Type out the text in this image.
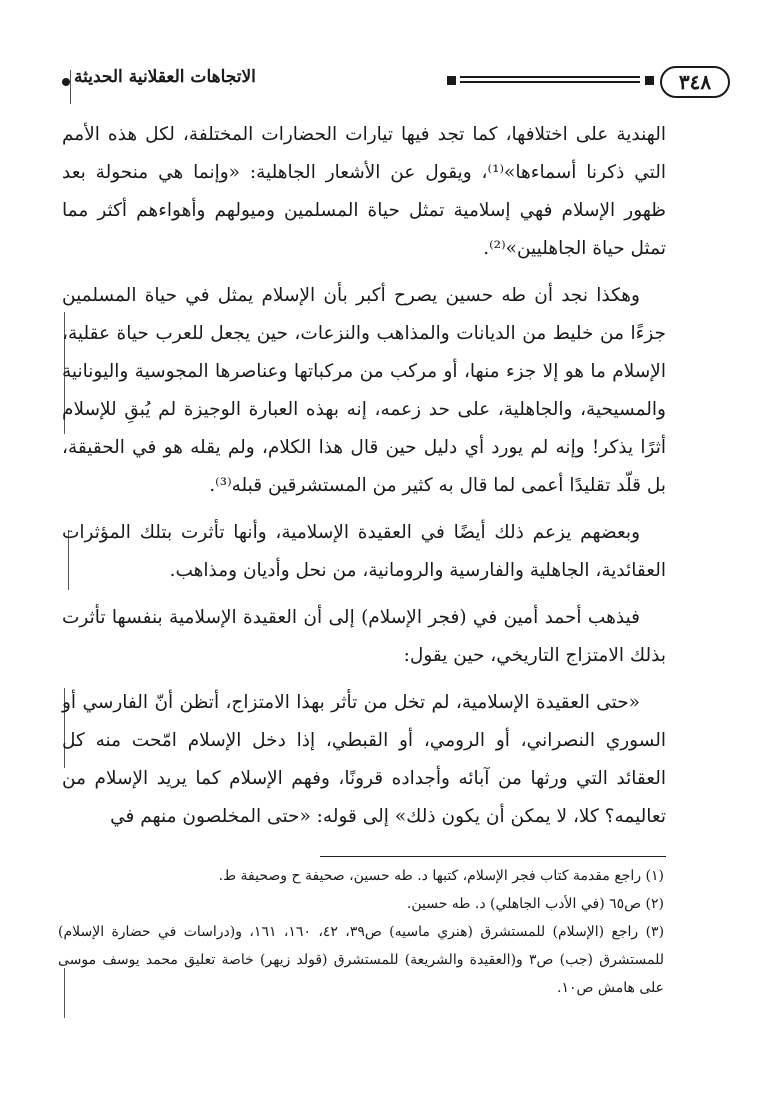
٣٤٨
الاتجاهات العقلانية الحديثة

الهندية على اختلافها، كما تجد فيها تيارات الحضارات المختلفة، لكل هذه الأمم التي ذكرنا أسماءها»⁽¹⁾، ويقول عن الأشعار الجاهلية: «وإنما هي منحولة بعد ظهور الإسلام فهي إسلامية تمثل حياة المسلمين وميولهم وأهواءهم أكثر مما تمثل حياة الجاهليين»⁽²⁾.

وهكذا نجد أن طه حسين يصرح أكبر بأن الإسلام يمثل في حياة المسلمين جزءًا من خليط من الديانات والمذاهب والنزعات، حين يجعل للعرب حياة عقلية، الإسلام ما هو إلا جزء منها، أو مركب من مركباتها وعناصرها المجوسية واليونانية والمسيحية، والجاهلية، على حد زعمه، إنه بهذه العبارة الوجيزة لم يُبقِ للإسلام أثرًا يذكر! وإنه لم يورد أي دليل حين قال هذا الكلام، ولم يقله هو في الحقيقة، بل قلّد تقليدًا أعمى لما قال به كثير من المستشرقين قبله⁽³⁾.

وبعضهم يزعم ذلك أيضًا في العقيدة الإسلامية، وأنها تأثرت بتلك المؤثرات العقائدية، الجاهلية والفارسية والرومانية، من نحل وأديان ومذاهب.

فيذهب أحمد أمين في (فجر الإسلام) إلى أن العقيدة الإسلامية بنفسها تأثرت بذلك الامتزاج التاريخي، حين يقول:

«حتى العقيدة الإسلامية، لم تخل من تأثر بهذا الامتزاج، أتظن أنّ الفارسي أو السوري النصراني، أو الرومي، أو القبطي، إذا دخل الإسلام امّحت منه كل العقائد التي ورثها من آبائه وأجداده قرونًا، وفهم الإسلام كما يريد الإسلام من تعاليمه؟ كلا، لا يمكن أن يكون ذلك» إلى قوله: «حتى المخلصون منهم في

(١) راجع مقدمة كتاب فجر الإسلام، كتبها د. طه حسين، صحيفة ح وصحيفة ط.

(٢) ص٦٥ (في الأدب الجاهلي) د. طه حسين.

(٣) راجع (الإسلام) للمستشرق (هنري ماسيه) ص٣٩، ٤٢، ١٦٠، ١٦١، و(دراسات في حضارة الإسلام) للمستشرق (جب) ص٣ و(العقيدة والشريعة) للمستشرق (قولد زيهر) خاصة تعليق محمد يوسف موسى على هامش ص١٠.
